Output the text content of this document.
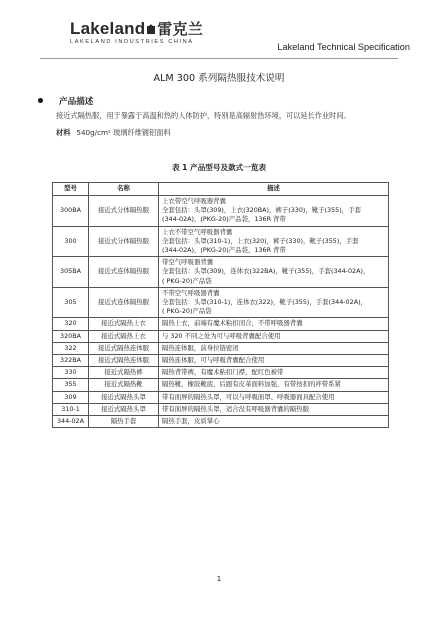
Lakeland 雷克兰
LAKELAND INDUSTRIES CHINA	Lakeland Technical Specification
ALM 300 系列隔热服技术说明
产品描述
接近式隔热服，用于暴露于高温和热的人体防护，特别是高辐射热环境，可以延长作业时间。
材料 540g/cm² 玻璃纤维镀铝面料
表 1 产品型号及款式一览表
型号	名称	描述
300BA	接近式分体隔热服	上衣带空气呼吸器背囊
全套包括：头罩(309)，上衣(320BA)，裤子(330)，靴子(355)，手套
(344-02A)，(PKG-20)产品袋，136R 背带

300	接近式分体隔热服	上衣不带空气呼吸器背囊
全套包括：头罩(310-1)，上衣(320)，裤子(330)，靴子(355)，手套
(344-02A)，(PKG-20)产品袋，136R 背带

305BA	接近式连体隔热服	带空气呼吸器背囊
全套包括：头罩(309)，连体衣(322BA)，靴子(355)，手套(344-02A)，
( PKG-20)产品袋

305	接近式连体隔热服	不带空气呼吸器背囊
全套包括：头罩(310-1)，连体衣(322)，靴子(355)，手套(344-02A)，
( PKG-20)产品袋

320	接近式隔热上衣	隔热上衣，前端有魔术粘扣闭合，不带呼吸器背囊

320BA	接近式隔热上衣	与 320 不同之处为可与呼吸背囊配合使用

322	接近式隔热连体服	隔热连体服，前身拉链密闭

322BA	接近式隔热连体服	隔热连体服，可与呼吸背囊配合使用

330	接近式隔热裤	隔热背带裤，有魔术粘扣门襟，配红色被带

355	接近式隔热靴	隔热靴，橡胶靴底，后跟有皮革面料加强，有带按扣的袢带系紧

309	接近式隔热头罩	带有面屏的隔热头罩，可以与呼吸面罩、呼吸器面具配合使用

310-1	接近式隔热头罩	带有面屏的隔热头罩，适合没有呼吸器背囊的隔热服

344-02A	隔热手套	隔热手套，皮质掌心
1
